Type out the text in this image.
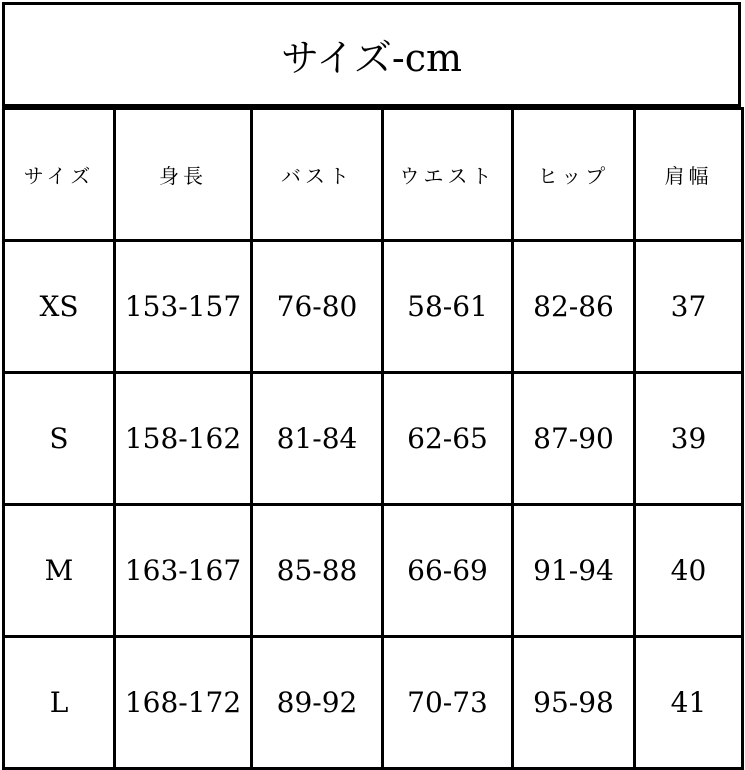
サイズ-cm
サイズ	身長	バスト	ウエスト	ヒップ	肩幅
XS	153-157	76-80	58-61	82-86	37
S	158-162	81-84	62-65	87-90	39
M	163-167	85-88	66-69	91-94	40
L	168-172	89-92	70-73	95-98	41
